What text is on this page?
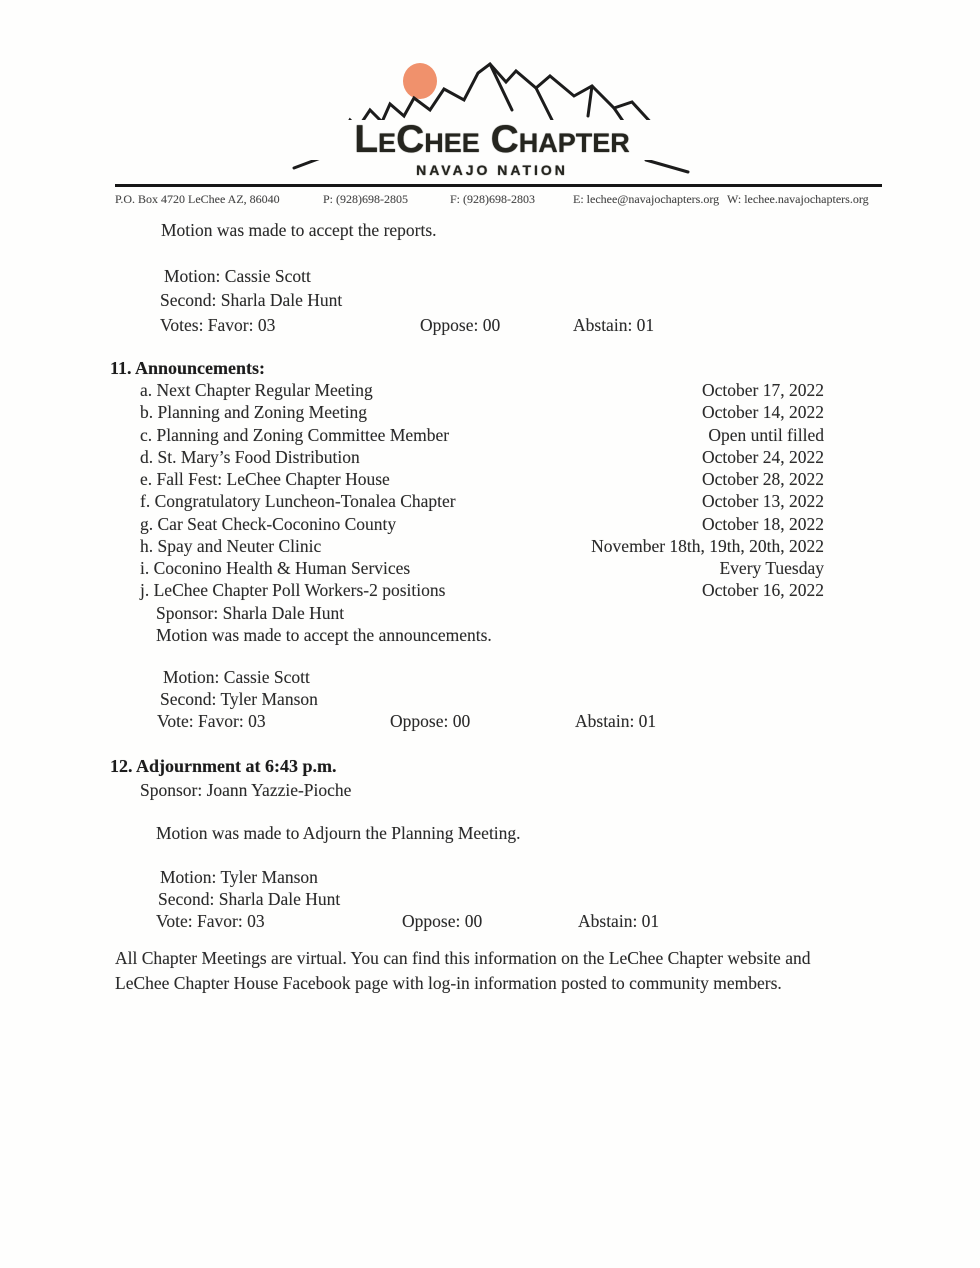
LeChee Chapter
NAVAJO NATION
P.O. Box 4720 LeChee AZ, 86040	P: (928)698-2805	F: (928)698-2803	E: lechee@navajochapters.org W: lechee.navajochapters.org
Motion was made to accept the reports.
Motion: Cassie Scott
Second: Sharla Dale Hunt
Votes: Favor: 03	Oppose: 00	Abstain: 01
11. Announcements:
a. Next Chapter Regular Meeting	October 17, 2022
b. Planning and Zoning Meeting	October 14, 2022
c. Planning and Zoning Committee Member	Open until filled
d. St. Mary’s Food Distribution	October 24, 2022
e. Fall Fest: LeChee Chapter House	October 28, 2022
f. Congratulatory Luncheon-Tonalea Chapter	October 13, 2022
g. Car Seat Check-Coconino County	October 18, 2022
h. Spay and Neuter Clinic	November 18th, 19th, 20th, 2022
i. Coconino Health & Human Services	Every Tuesday
j. LeChee Chapter Poll Workers-2 positions	October 16, 2022
Sponsor: Sharla Dale Hunt
Motion was made to accept the announcements.
Motion: Cassie Scott
Second: Tyler Manson
Vote: Favor: 03	Oppose: 00	Abstain: 01
12. Adjournment at 6:43 p.m.
Sponsor: Joann Yazzie-Pioche
Motion was made to Adjourn the Planning Meeting.
Motion: Tyler Manson
Second: Sharla Dale Hunt
Vote: Favor: 03	Oppose: 00	Abstain: 01
All Chapter Meetings are virtual. You can find this information on the LeChee Chapter website and LeChee Chapter House Facebook page with log-in information posted to community members.
